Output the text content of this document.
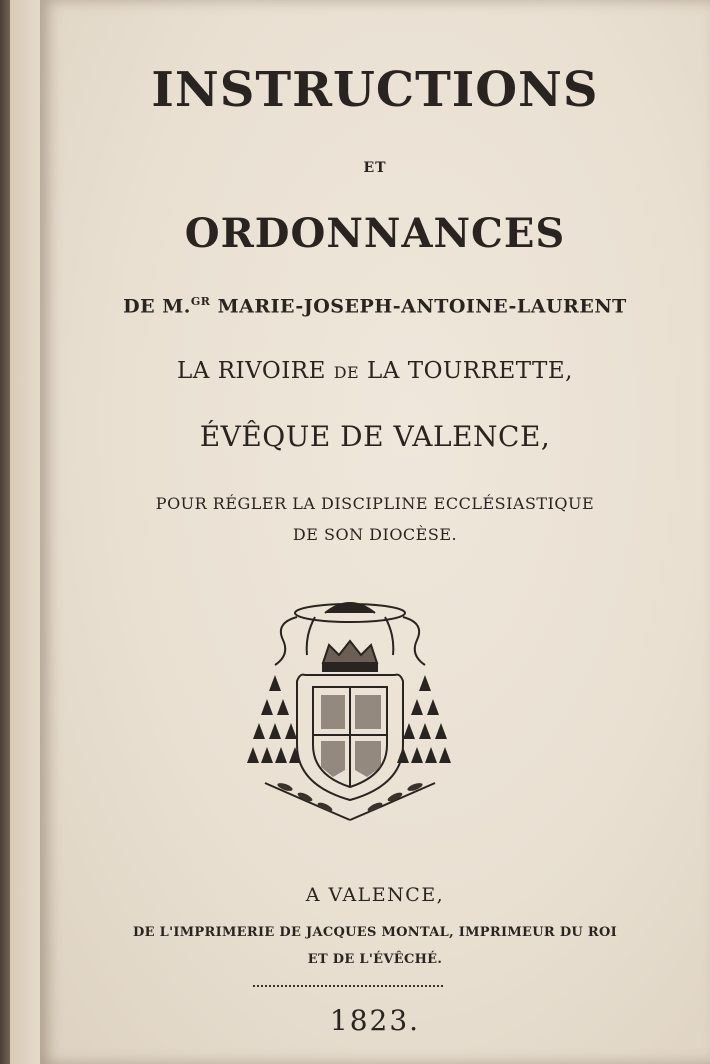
INSTRUCTIONS
ET
ORDONNANCES
DE M.$^{GR}$ MARIE-JOSEPH-ANTOINE-LAURENT
LA RIVOIRE DE LA TOURRETTE,
ÉVÊQUE DE VALENCE,
POUR RÉGLER LA DISCIPLINE ECCLÉSIASTIQUE
DE SON DIOCÈSE.
A VALENCE,
DE L'IMPRIMERIE DE JACQUES MONTAL, IMPRIMEUR DU ROI
ET DE L'ÉVÊCHÉ.
1823.
